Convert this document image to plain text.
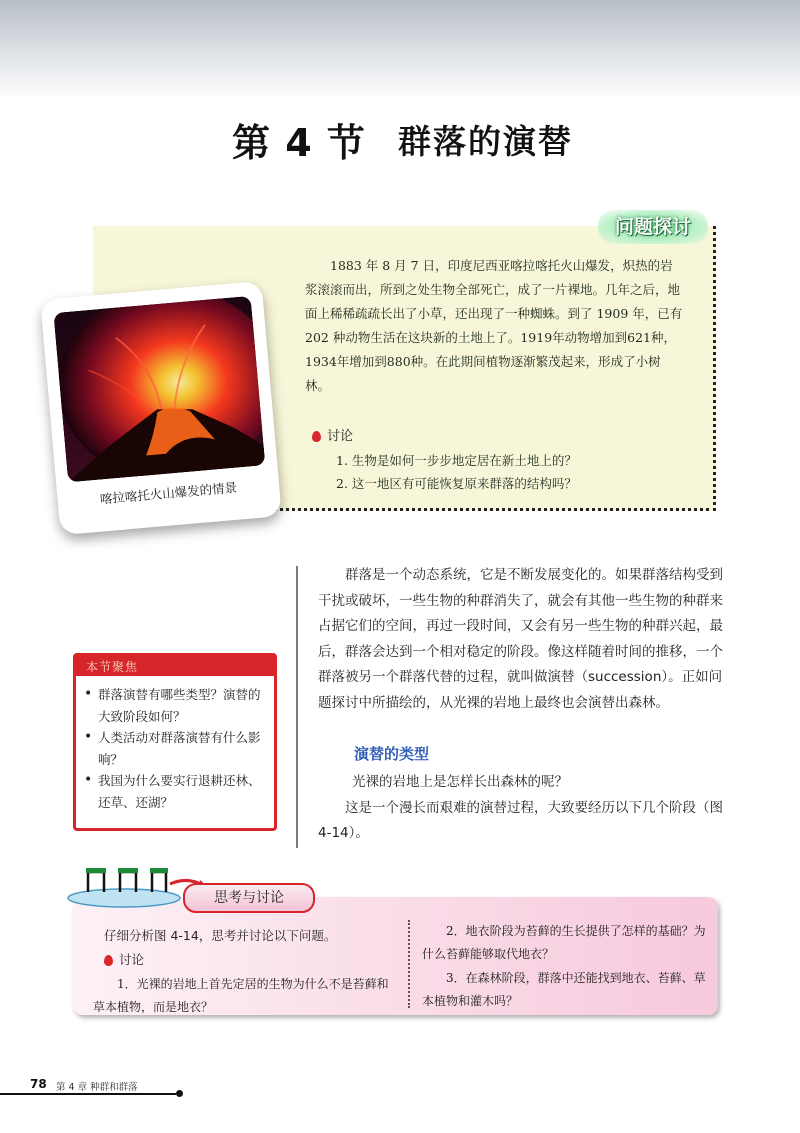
第 4 节 群落的演替
问题探讨
1883 年 8 月 7 日，印度尼西亚喀拉喀托火山爆发，炽热的岩浆滚滚而出，所到之处生物全部死亡，成了一片裸地。几年之后，地面上稀稀疏疏长出了小草，还出现了一种蜘蛛。到了 1909 年，已有 202 种动物生活在这块新的土地上了。1919年动物增加到621种，1934年增加到880种。在此期间植物逐渐繁茂起来，形成了小树林。
讨论
1. 生物是如何一步步地定居在新土地上的？
2. 这一地区有可能恢复原来群落的结构吗？
喀拉喀托火山爆发的情景
群落是一个动态系统，它是不断发展变化的。如果群落结构受到干扰或破坏，一些生物的种群消失了，就会有其他一些生物的种群来占据它们的空间，再过一段时间，又会有另一些生物的种群兴起，最后，群落会达到一个相对稳定的阶段。像这样随着时间的推移，一个群落被另一个群落代替的过程，就叫做演替（succession）。正如问题探讨中所描绘的，从光裸的岩地上最终也会演替出森林。
演替的类型
光裸的岩地上是怎样长出森林的呢？
这是一个漫长而艰难的演替过程，大致要经历以下几个阶段（图 4-14）。
本节聚焦
• 群落演替有哪些类型？演替的大致阶段如何？
• 人类活动对群落演替有什么影响？
• 我国为什么要实行退耕还林、还草、还湖？
思考与讨论
仔细分析图 4-14，思考并讨论以下问题。
讨论
1．光裸的岩地上首先定居的生物为什么不是苔藓和草本植物，而是地衣？
2．地衣阶段为苔藓的生长提供了怎样的基础？为什么苔藓能够取代地衣？
3．在森林阶段，群落中还能找到地衣、苔藓、草本植物和灌木吗？
78 第 4 章 种群和群落
